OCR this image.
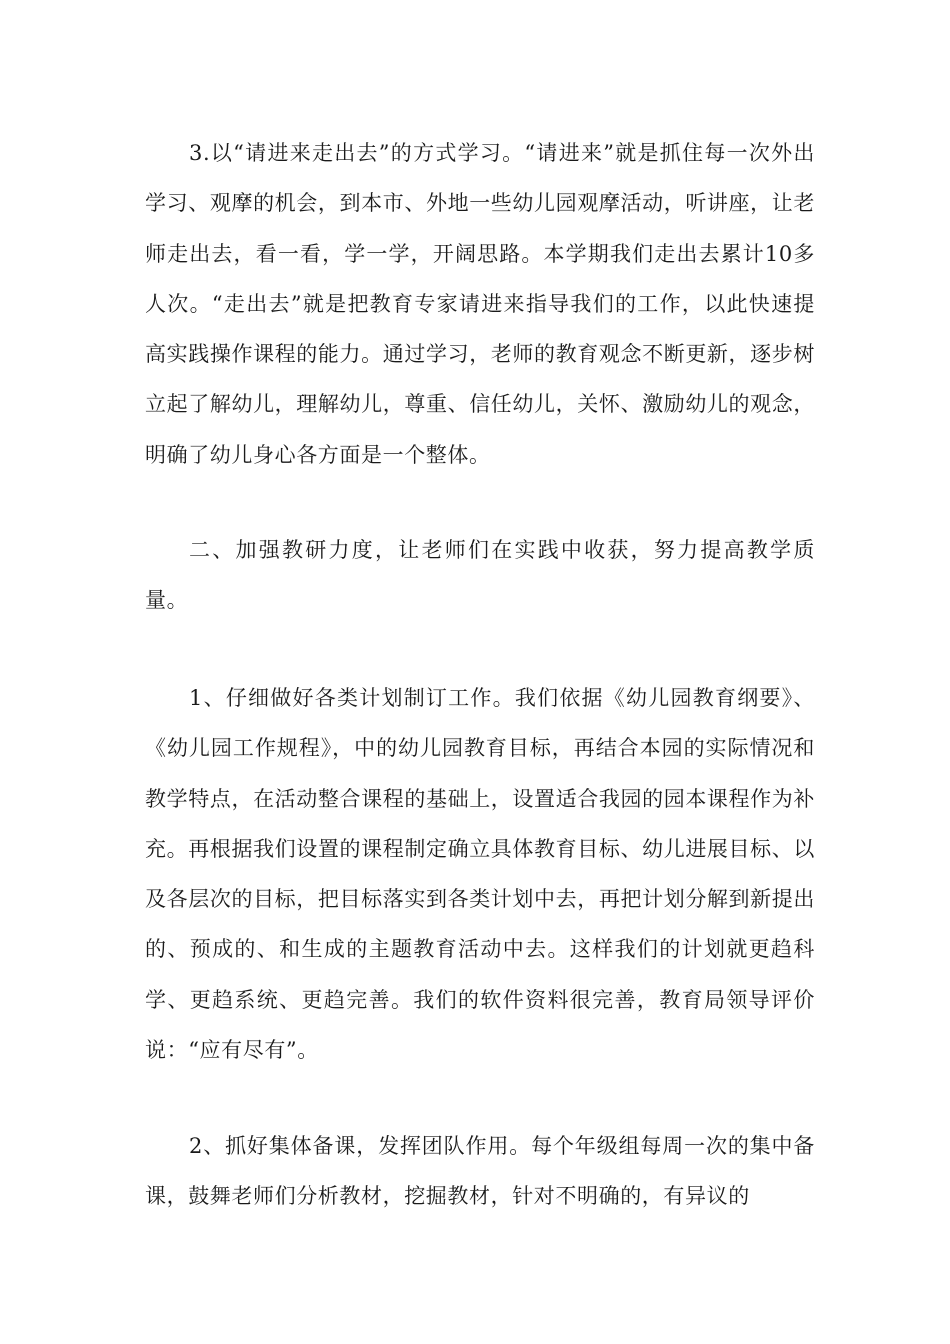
3.以“请进来走出去”的方式学习。“请进来”就是抓住每一次外出学习、观摩的机会，到本市、外地一些幼儿园观摩活动，听讲座，让老师走出去，看一看，学一学，开阔思路。本学期我们走出去累计10多人次。“走出去”就是把教育专家请进来指导我们的工作，以此快速提高实践操作课程的能力。通过学习，老师的教育观念不断更新，逐步树立起了解幼儿，理解幼儿，尊重、信任幼儿，关怀、激励幼儿的观念，明确了幼儿身心各方面是一个整体。

二、加强教研力度，让老师们在实践中收获，努力提高教学质量。

1、仔细做好各类计划制订工作。我们依据《幼儿园教育纲要》、《幼儿园工作规程》，中的幼儿园教育目标，再结合本园的实际情况和教学特点，在活动整合课程的基础上，设置适合我园的园本课程作为补充。再根据我们设置的课程制定确立具体教育目标、幼儿进展目标、以及各层次的目标，把目标落实到各类计划中去，再把计划分解到新提出的、预成的、和生成的主题教育活动中去。这样我们的计划就更趋科学、更趋系统、更趋完善。我们的软件资料很完善，教育局领导评价说：“应有尽有”。

2、抓好集体备课，发挥团队作用。每个年级组每周一次的集中备课，鼓舞老师们分析教材，挖掘教材，针对不明确的，有异议的
